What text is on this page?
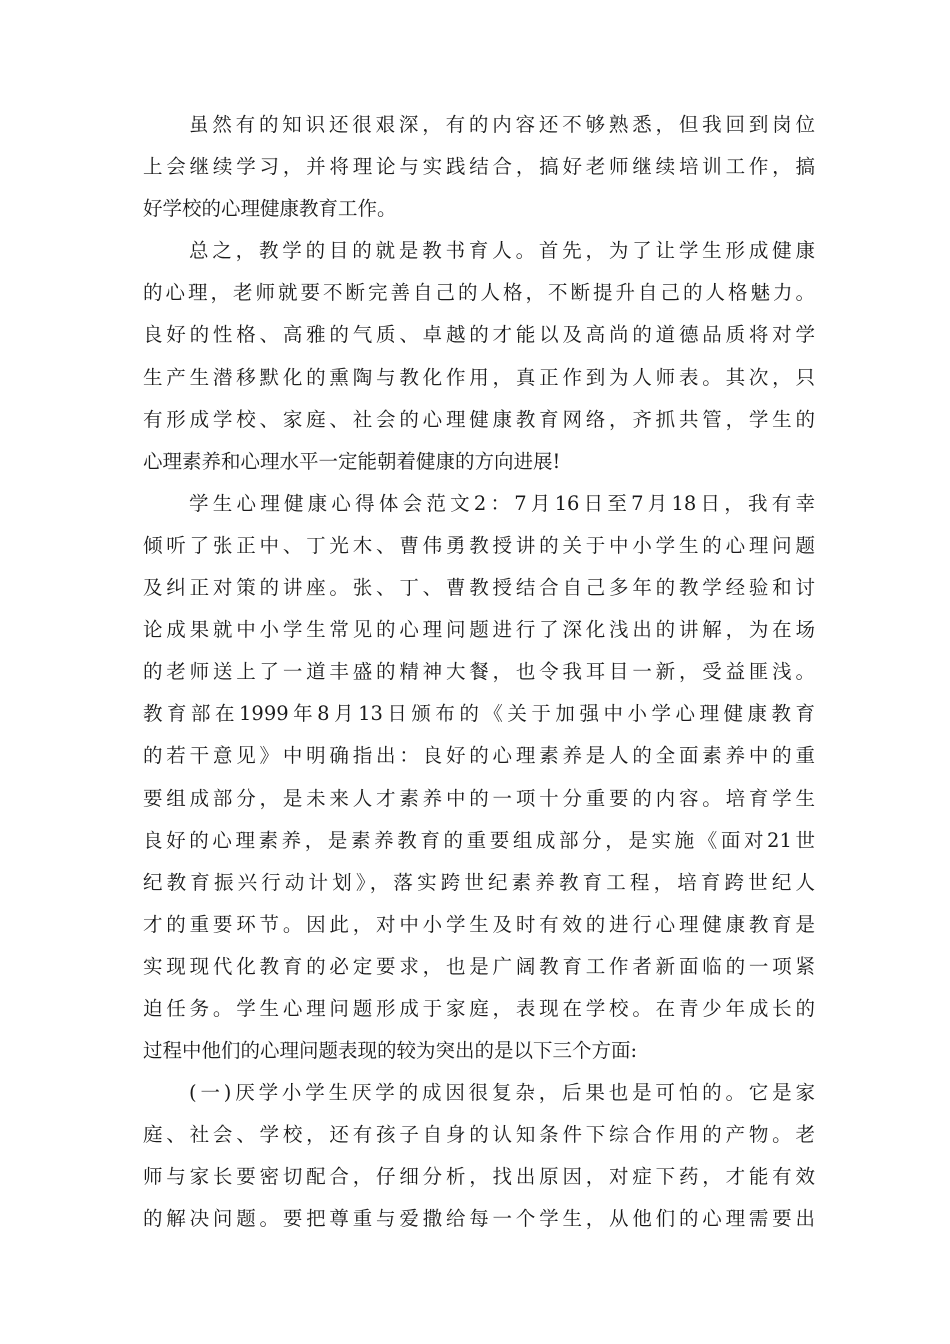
虽然有的知识还很艰深，有的内容还不够熟悉，但我回到岗位
上会继续学习，并将理论与实践结合，搞好老师继续培训工作，搞
好学校的心理健康教育工作。
总之，教学的目的就是教书育人。首先，为了让学生形成健康
的心理，老师就要不断完善自己的人格，不断提升自己的人格魅力。
良好的性格、高雅的气质、卓越的才能以及高尚的道德品质将对学
生产生潜移默化的熏陶与教化作用，真正作到为人师表。其次，只
有形成学校、家庭、社会的心理健康教育网络，齐抓共管，学生的
心理素养和心理水平一定能朝着健康的方向进展!
学生心理健康心得体会范文2：7月16日至7月18日，我有幸
倾听了张正中、丁光木、曹伟勇教授讲的关于中小学生的心理问题
及纠正对策的讲座。张、丁、曹教授结合自己多年的教学经验和讨
论成果就中小学生常见的心理问题进行了深化浅出的讲解，为在场
的老师送上了一道丰盛的精神大餐，也令我耳目一新，受益匪浅。
教育部在1999年8月13日颁布的《关于加强中小学心理健康教育
的若干意见》中明确指出：良好的心理素养是人的全面素养中的重
要组成部分，是未来人才素养中的一项十分重要的内容。培育学生
良好的心理素养，是素养教育的重要组成部分，是实施《面对21世
纪教育振兴行动计划》，落实跨世纪素养教育工程，培育跨世纪人
才的重要环节。因此，对中小学生及时有效的进行心理健康教育是
实现现代化教育的必定要求，也是广阔教育工作者新面临的一项紧
迫任务。学生心理问题形成于家庭，表现在学校。在青少年成长的
过程中他们的心理问题表现的较为突出的是以下三个方面:
(一)厌学小学生厌学的成因很复杂，后果也是可怕的。它是家
庭、社会、学校，还有孩子自身的认知条件下综合作用的产物。老
师与家长要密切配合，仔细分析，找出原因，对症下药，才能有效
的解决问题。要把尊重与爱撒给每一个学生，从他们的心理需要出
